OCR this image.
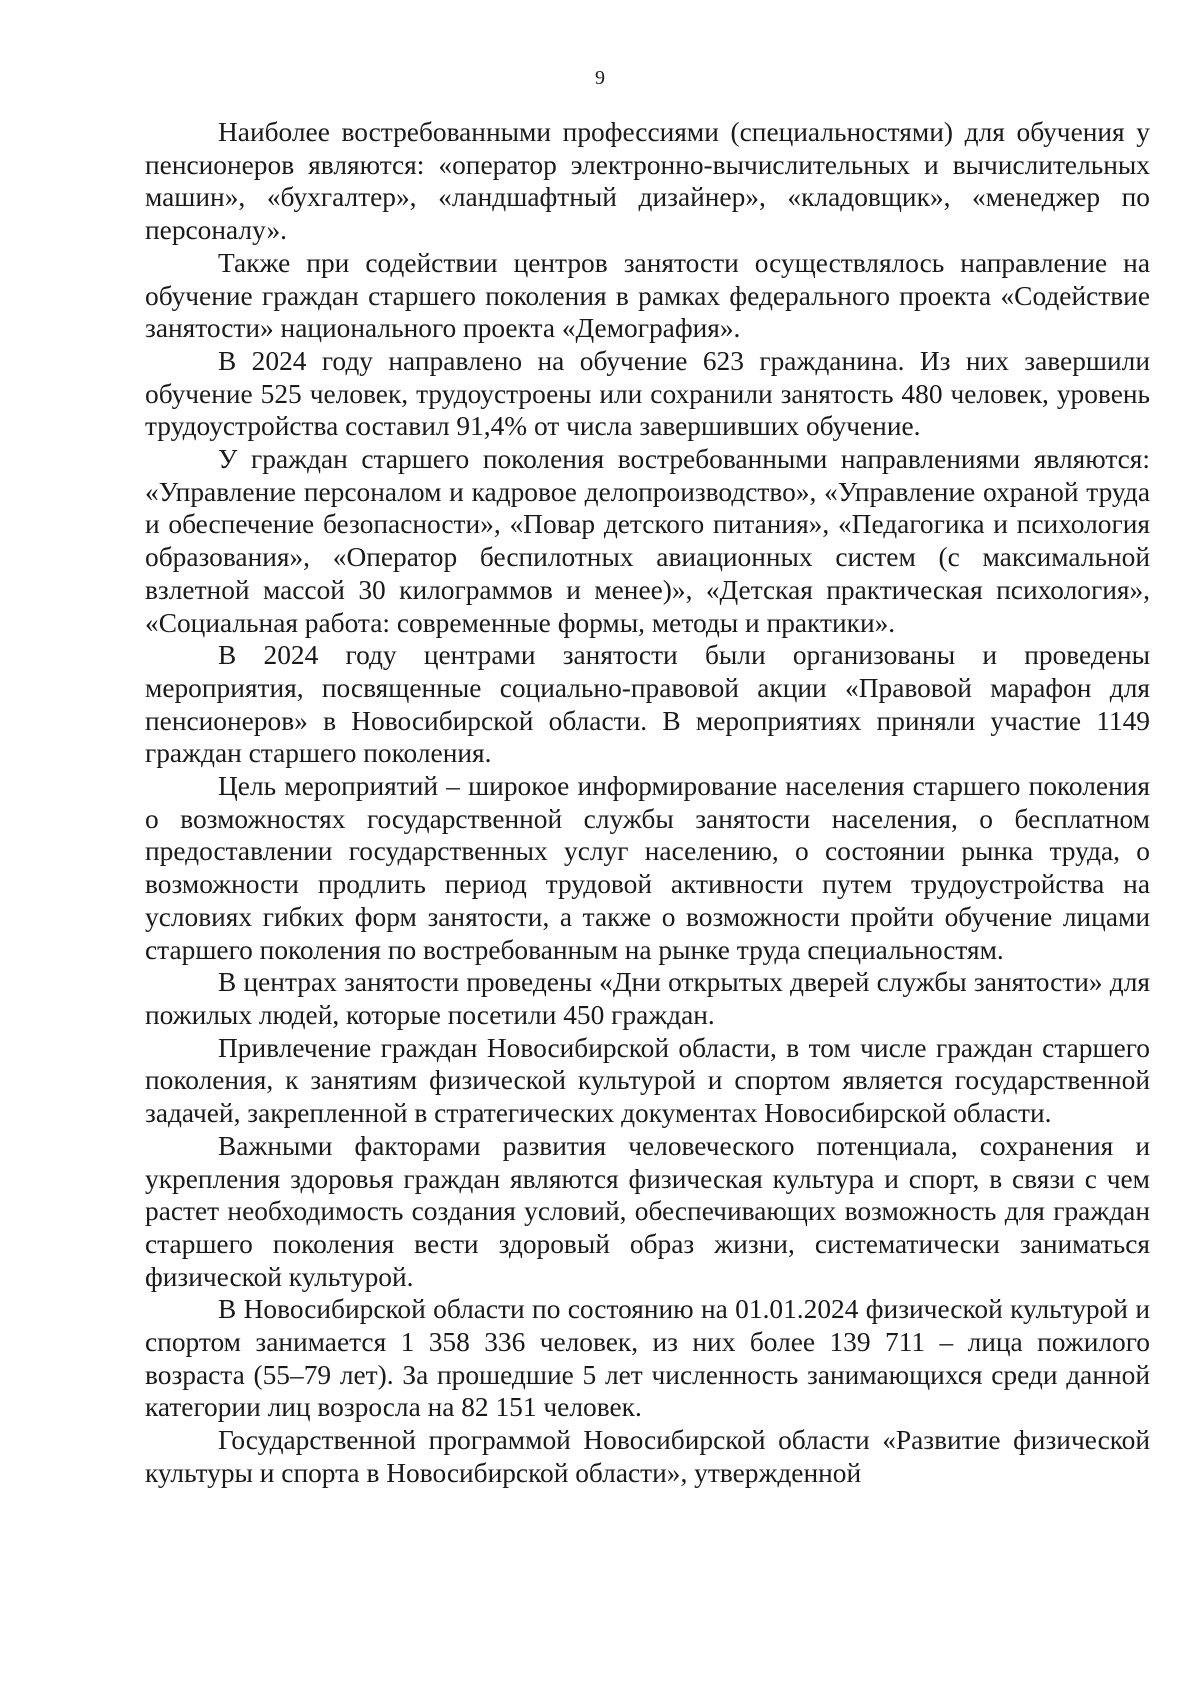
9

Наиболее востребованными профессиями (специальностями) для обучения у пенсионеров являются: «оператор электронно-вычислительных и вычислительных машин», «бухгалтер», «ландшафтный дизайнер», «кладовщик», «менеджер по персоналу».

Также при содействии центров занятости осуществлялось направление на обучение граждан старшего поколения в рамках федерального проекта «Содействие занятости» национального проекта «Демография».

В 2024 году направлено на обучение 623 гражданина. Из них завершили обучение 525 человек, трудоустроены или сохранили занятость 480 человек, уровень трудоустройства составил 91,4% от числа завершивших обучение.

У граждан старшего поколения востребованными направлениями являются: «Управление персоналом и кадровое делопроизводство», «Управление охраной труда и обеспечение безопасности», «Повар детского питания», «Педагогика и психология образования», «Оператор беспилотных авиационных систем (с максимальной взлетной массой 30 килограммов и менее)», «Детская практическая психология», «Социальная работа: современные формы, методы и практики».

В 2024 году центрами занятости были организованы и проведены мероприятия, посвященные социально-правовой акции «Правовой марафон для пенсионеров» в Новосибирской области. В мероприятиях приняли участие 1149 граждан старшего поколения.

Цель мероприятий – широкое информирование населения старшего поколения о возможностях государственной службы занятости населения, о бесплатном предоставлении государственных услуг населению, о состоянии рынка труда, о возможности продлить период трудовой активности путем трудоустройства на условиях гибких форм занятости, а также о возможности пройти обучение лицами старшего поколения по востребованным на рынке труда специальностям.

В центрах занятости проведены «Дни открытых дверей службы занятости» для пожилых людей, которые посетили 450 граждан.

Привлечение граждан Новосибирской области, в том числе граждан старшего поколения, к занятиям физической культурой и спортом является государственной задачей, закрепленной в стратегических документах Новосибирской области.

Важными факторами развития человеческого потенциала, сохранения и укрепления здоровья граждан являются физическая культура и спорт, в связи с чем растет необходимость создания условий, обеспечивающих возможность для граждан старшего поколения вести здоровый образ жизни, систематически заниматься физической культурой.

В Новосибирской области по состоянию на 01.01.2024 физической культурой и спортом занимается 1 358 336 человек, из них более 139 711 – лица пожилого возраста (55–79 лет). За прошедшие 5 лет численность занимающихся среди данной категории лиц возросла на 82 151 человек.

Государственной программой Новосибирской области «Развитие физической культуры и спорта в Новосибирской области», утвержденной
